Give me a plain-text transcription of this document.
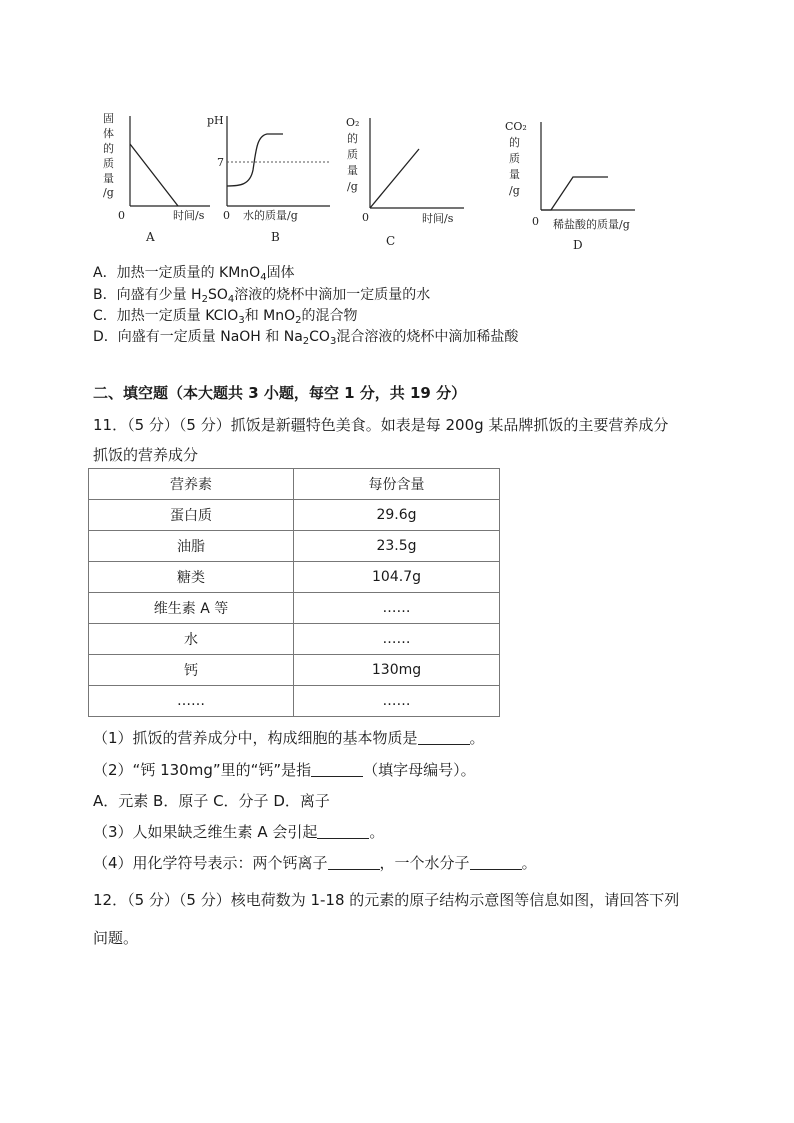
固
体
的
质
量
/g
0	时间/s
A
pH
7
0 水的质量/g
B
O₂
的
质
量
/g
0	时间/s
C
CO₂
的
质
量
/g
0 稀盐酸的质量/g
D
A．加热一定质量的 KMnO$_4$固体
B．向盛有少量 $H_2SO_4$溶液的烧杯中滴加一定质量的水
C．加热一定质量 KClO$_3$和 MnO$_2$的混合物
D．向盛有一定质量 NaOH 和 $Na_2CO_3$混合溶液的烧杯中滴加稀盐酸
二、填空题（本大题共 3 小题，每空 1 分，共 19 分）
11．（5 分）（5 分）抓饭是新疆特色美食。如表是每 200g 某品牌抓饭的主要营养成分
抓饭的营养成分
营养素	每份含量
蛋白质	29.6g
油脂	23.5g
糖类	104.7g
维生素 A 等	……
水	……
钙	130mg
……	……
（1）抓饭的营养成分中，构成细胞的基本物质是	。
（2）“钙 130mg”里的“钙”是指	（填字母编号）。
A．元素 B．原子 C．分子 D．离子
（3）人如果缺乏维生素 A 会引起	。
（4）用化学符号表示：两个钙离子	，一个水分子	。
12．（5 分）（5 分）核电荷数为 1-18 的元素的原子结构示意图等信息如图，请回答下列
问题。
